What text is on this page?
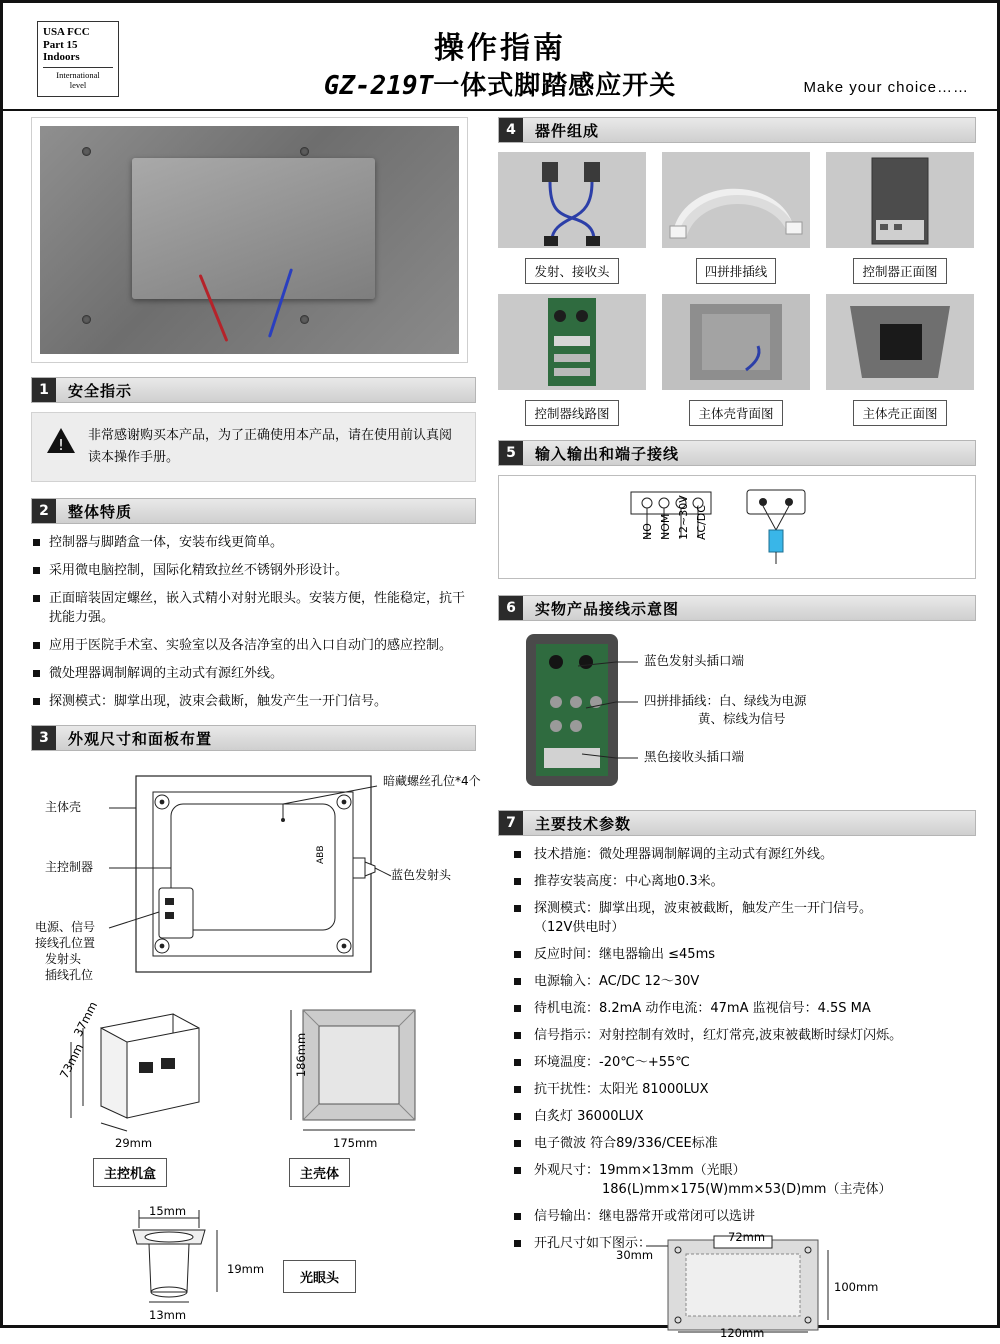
USA FCC
Part 15
Indoors
International
level
操作指南
GZ-219T一体式脚踏感应开关	Make your choice……
1	安全指示
!

非常感谢购买本产品，为了正确使用本产品，请在使用前认真阅读本操作手册。

2	整体特质
控制器与脚踏盒一体，安装布线更简单。
采用微电脑控制，国际化精致拉丝不锈钢外形设计。
正面暗装固定螺丝，嵌入式精小对射光眼头。安装方便，性能稳定，抗干扰能力强。
应用于医院手术室、实验室以及各洁净室的出入口自动门的感应控制。
微处理器调制解调的主动式有源红外线。
探测模式：脚掌出现，波束会截断，触发产生一开门信号。
3	外观尺寸和面板布置
ABB
暗藏螺丝孔位*4个
主体壳
主控制器
蓝色发射头
电源、信号
接线孔位置
发射头
插线孔位
37mm
73mm
29mm
186mm
175mm
主控机盒	主壳体
15mm
19mm
13mm
光眼头
4	器件组成
发射、接收头	四拼排插线	控制器正面图
控制器线路图	主体壳背面图	主体壳正面图
5	输入输出和端子接线
NO NOM 12~30V AC/DC
6	实物产品接线示意图
蓝色发射头插口端
四拼排插线：白、绿线为电源
黄、棕线为信号
黑色接收头插口端
7	主要技术参数
技术措施：微处理器调制解调的主动式有源红外线。
推荐安装高度：中心离地0.3米。
探测模式：脚掌出现，波束被截断，触发产生一开门信号。
（12V供电时）
反应时间：继电器输出 ≤45ms
电源输入：AC/DC 12〜30V
待机电流：8.2mA 动作电流：47mA 监视信号：4.5S MA
信号指示：对射控制有效时，红灯常亮,波束被截断时绿灯闪烁。
环境温度：-20℃〜+55℃
抗干扰性：太阳光 81000LUX
白炙灯 36000LUX
电子微波 符合89/336/CEE标准
外观尺寸：19mm×13mm（光眼）
186(L)mm×175(W)mm×53(D)mm（主壳体）
信号输出：继电器常开或常闭可以选讲
开孔尺寸如下图示：	72mm
30mm
100mm
120mm
